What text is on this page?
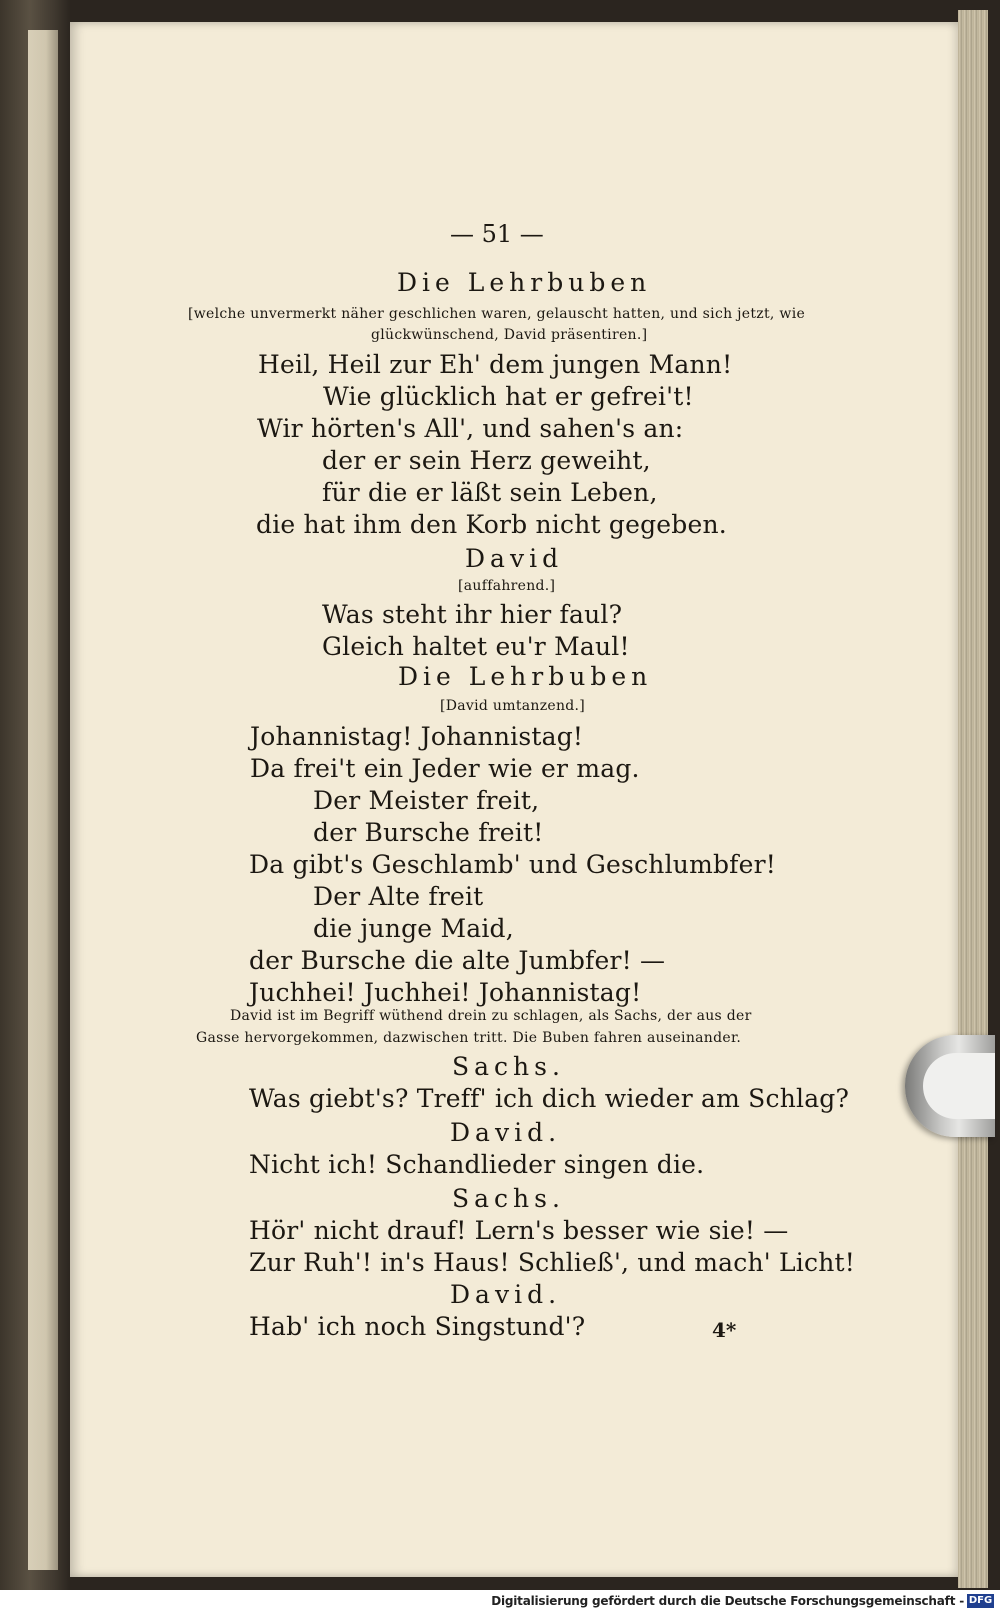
— 51 —
Die Lehrbuben
[welche unvermerkt näher geschlichen waren, gelauscht hatten, und sich jetzt, wie
glückwünschend, David präsentiren.]
Heil, Heil zur Eh' dem jungen Mann!
Wie glücklich hat er gefrei't!
Wir hörten's All', und sahen's an:
der er sein Herz geweiht,
für die er läßt sein Leben,
die hat ihm den Korb nicht gegeben.
David
[auffahrend.]
Was steht ihr hier faul?
Gleich haltet eu'r Maul!
Die Lehrbuben
[David umtanzend.]
Johannistag! Johannistag!
Da frei't ein Jeder wie er mag.
Der Meister freit,
der Bursche freit!
Da gibt's Geschlamb' und Geschlumbfer!
Der Alte freit
die junge Maid,
der Bursche die alte Jumbfer! —
Juchhei! Juchhei! Johannistag!
David ist im Begriff wüthend drein zu schlagen, als Sachs, der aus der
Gasse hervorgekommen, dazwischen tritt. Die Buben fahren auseinander.
Sachs.
Was giebt's? Treff' ich dich wieder am Schlag?
David.
Nicht ich! Schandlieder singen die.
Sachs.
Hör' nicht drauf! Lern's besser wie sie! —
Zur Ruh'! in's Haus! Schließ', und mach' Licht!
David.
Hab' ich noch Singstund'?	4*
Digitalisierung gefördert durch die Deutsche Forschungsgemeinschaft - DFG
